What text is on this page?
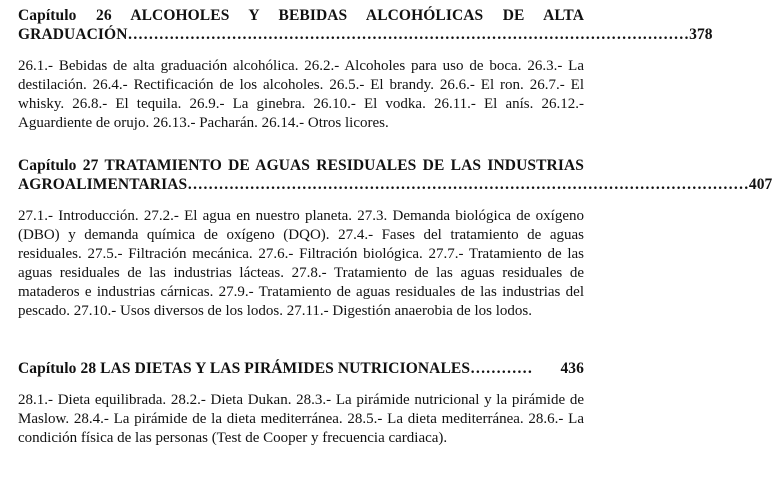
Capítulo 26 ALCOHOLES Y BEBIDAS ALCOHÓLICAS DE ALTA
GRADUACIÓN ……………………………………………………………………………………………… 378

26.1.- Bebidas de alta graduación alcohólica. 26.2.- Alcoholes para uso de boca. 26.3.- La destilación. 26.4.- Rectificación de los alcoholes. 26.5.- El brandy. 26.6.- El ron. 26.7.- El whisky. 26.8.- El tequila. 26.9.- La ginebra. 26.10.- El vodka. 26.11.- El anís. 26.12.- Aguardiente de orujo. 26.13.- Pacharán. 26.14.- Otros licores.

Capítulo 27 TRATAMIENTO DE AGUAS RESIDUALES DE LAS INDUSTRIAS
AGROALIMENTARIAS ……………………………………………………………………………………………… 407

27.1.- Introducción. 27.2.- El agua en nuestro planeta. 27.3. Demanda biológica de oxígeno (DBO) y demanda química de oxígeno (DQO). 27.4.- Fases del tratamiento de aguas residuales. 27.5.- Filtración mecánica. 27.6.- Filtración biológica. 27.7.- Tratamiento de las aguas residuales de las industrias lácteas. 27.8.- Tratamiento de las aguas residuales de mataderos e industrias cárnicas. 27.9.- Tratamiento de aguas residuales de las industrias del pescado. 27.10.- Usos diversos de los lodos. 27.11.- Digestión anaerobia de los lodos.

Capítulo 28 LAS DIETAS Y LAS PIRÁMIDES NUTRICIONALES …………	436

28.1.- Dieta equilibrada. 28.2.- Dieta Dukan. 28.3.- La pirámide nutricional y la pirámide de Maslow. 28.4.- La pirámide de la dieta mediterránea. 28.5.- La dieta mediterránea. 28.6.- La condición física de las personas (Test de Cooper y frecuencia cardiaca).
